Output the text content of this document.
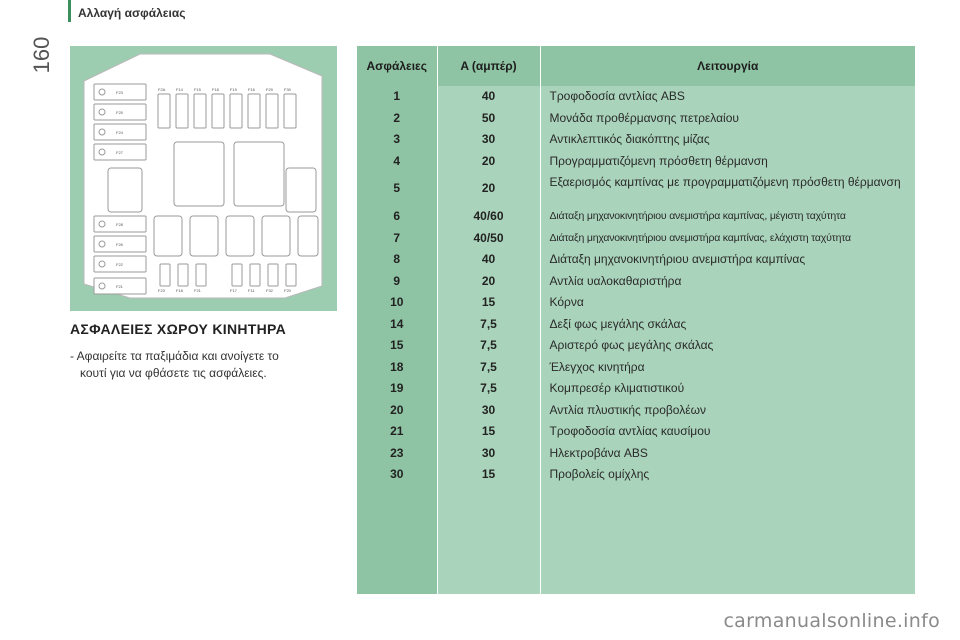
160
Αλλαγή ασφάλειας
F23
F25
F24
F27
F28
F26
F22
F21
F2A	F14	F15	F18	F19	F16	F29	F30
F23	F18	F21	F17	F11	F32	F20
ΑΣΦΑΛΕΙΕΣ ΧΩΡΟΥ ΚΙΝΗΤΗΡΑ
- Αφαιρείτε τα παξιμάδια και ανοίγετε το
κουτί για να φθάσετε τις ασφάλειες.
Ασφάλειες	A (αμπέρ)	Λειτουργία
1	40	Τροφοδοσία αντλίας ABS
2	50	Μονάδα προθέρμανσης πετρελαίου
3	30	Αντικλεπτικός διακόπτης μίζας
4	20	Προγραμματιζόμενη πρόσθετη θέρμανση
5	20	Εξαερισμός καμπίνας με προγραμματιζόμενη πρόσθετη θέρμανση
6	40/60	Διάταξη μηχανοκινητήριου ανεμιστήρα καμπίνας, μέγιστη ταχύτητα
7	40/50	Διάταξη μηχανοκινητήριου ανεμιστήρα καμπίνας, ελάχιστη ταχύτητα
8	40	Διάταξη μηχανοκινητήριου ανεμιστήρα καμπίνας
9	20	Αντλία υαλοκαθαριστήρα
10	15	Κόρνα
14	7,5	Δεξί φως μεγάλης σκάλας
15	7,5	Αριστερό φως μεγάλης σκάλας
18	7,5	Έλεγχος κινητήρα
19	7,5	Κομπρεσέρ κλιματιστικού
20	30	Αντλία πλυστικής προβολέων
21	15	Τροφοδοσία αντλίας καυσίμου
23	30	Ηλεκτροβάνα ABS
30	15	Προβολείς ομίχλης

carmanualsonline.info
